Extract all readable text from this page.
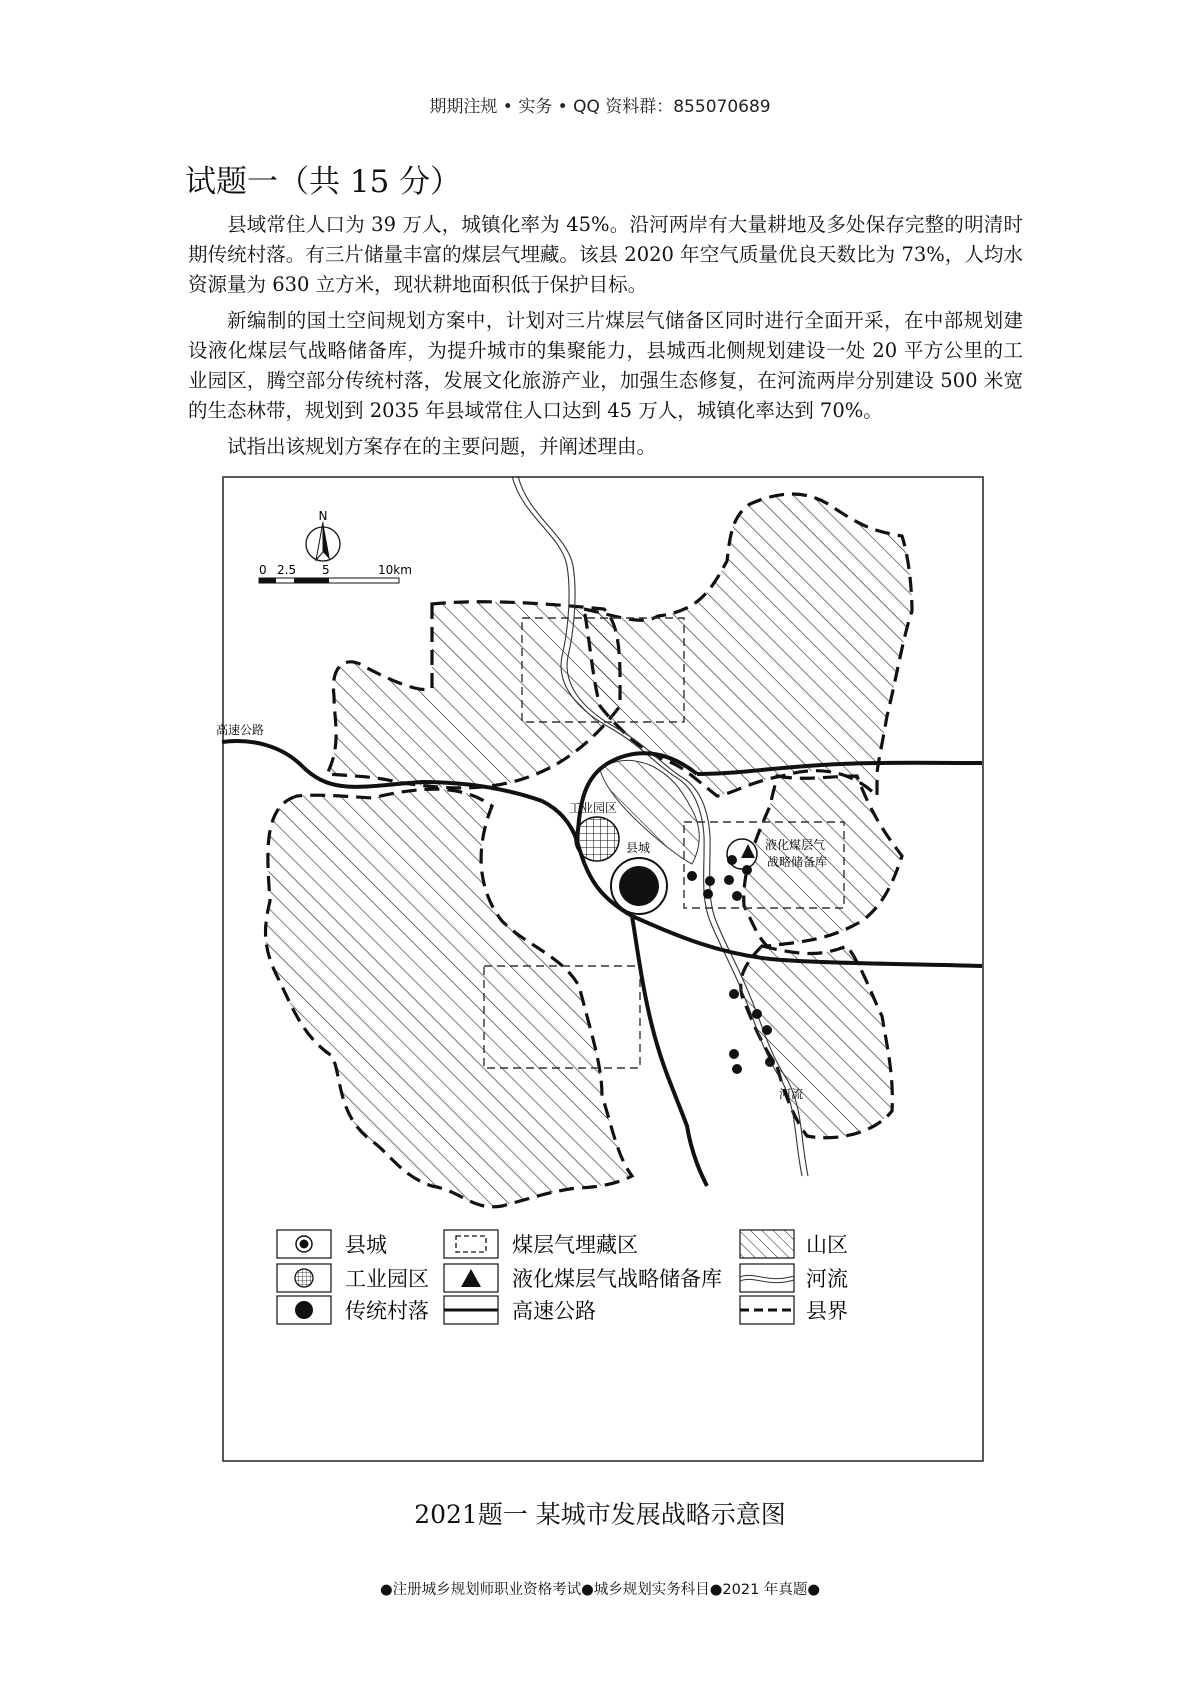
期期注规 • 实务 • QQ 资料群：855070689
试题一（共 15 分）

县域常住人口为 39 万人，城镇化率为 45%。沿河两岸有大量耕地及多处保存完整的明清时期传统村落。有三片储量丰富的煤层气埋藏。该县 2020 年空气质量优良天数比为 73%，人均水资源量为 630 立方米，现状耕地面积低于保护目标。

新编制的国土空间规划方案中，计划对三片煤层气储备区同时进行全面开采，在中部规划建设液化煤层气战略储备库，为提升城市的集聚能力，县城西北侧规划建设一处 20 平方公里的工业园区，腾空部分传统村落，发展文化旅游产业，加强生态修复，在河流两岸分别建设 500 米宽的生态林带，规划到 2035 年县域常住人口达到 45 万人，城镇化率达到 70%。

试指出该规划方案存在的主要问题，并阐述理由。

N
0 2.5 5	10km
高速公路
工业园区
县城	液化煤层气
战略储备库
河流
县城
工业园区
传统村落
煤层气埋藏区
液化煤层气战略储备库
高速公路
山区
河流
县界
2021题一 某城市发展战略示意图
●注册城乡规划师职业资格考试●城乡规划实务科目●2021 年真题●
